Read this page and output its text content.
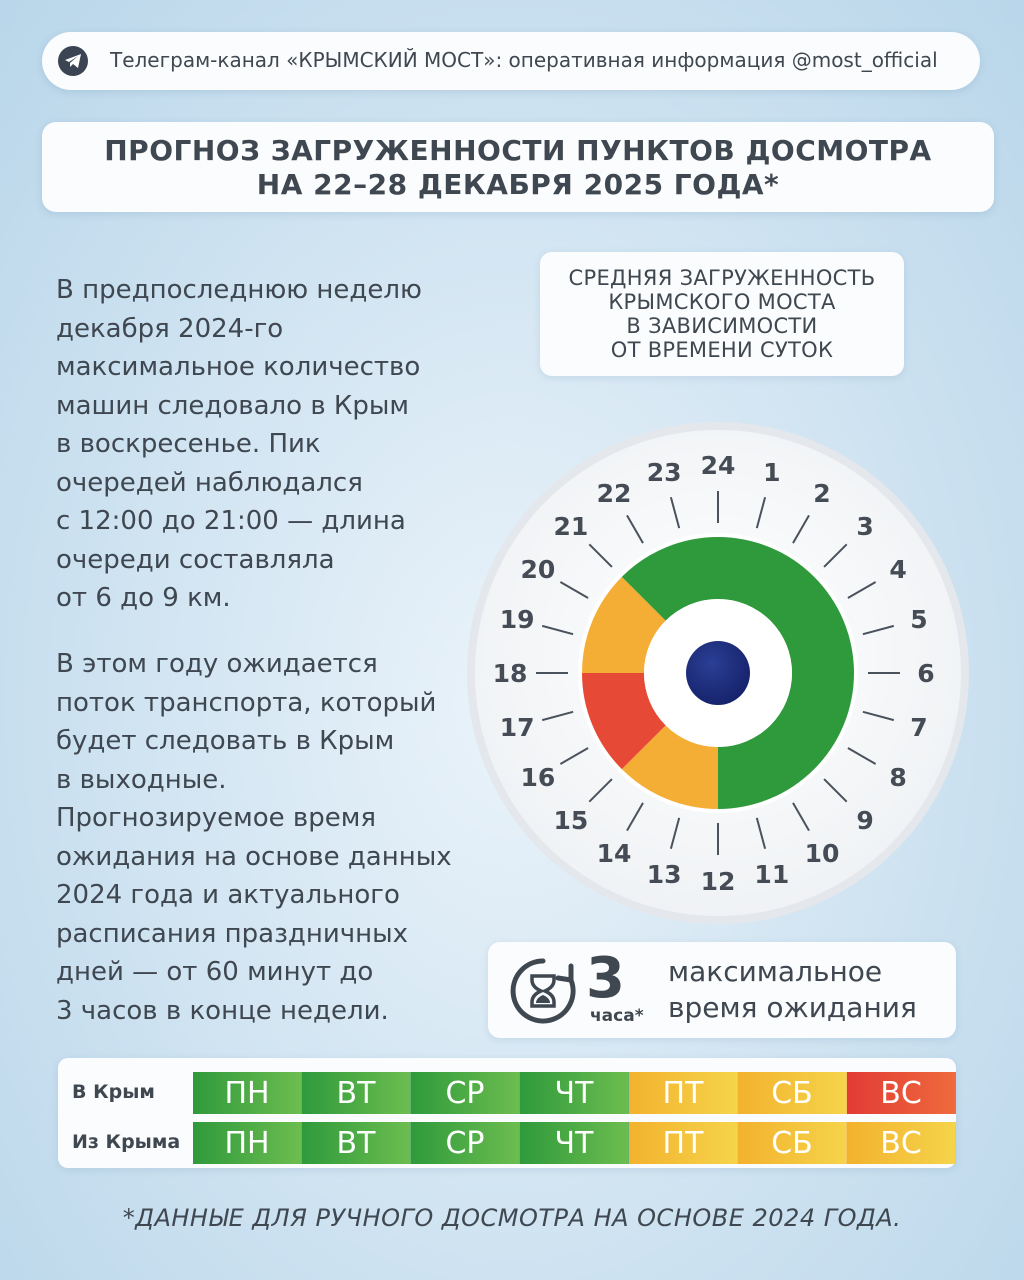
Телеграм-канал «КРЫМСКИЙ МОСТ»: оперативная информация @most_official
ПРОГНОЗ ЗАГРУЖЕННОСТИ ПУНКТОВ ДОСМОТРА
НА 22–28 ДЕКАБРЯ 2025 ГОДА*
В предпоследнюю неделю
декабря 2024-го
максимальное количество
машин следовало в Крым
в воскресенье. Пик
очередей наблюдался
с 12:00 до 21:00 — длина
очереди составляла
от 6 до 9 км.
В этом году ожидается
поток транспорта, который
будет следовать в Крым
в выходные.
Прогнозируемое время
ожидания на основе данных
2024 года и актуального
расписания праздничных
дней — от 60 минут до
3 часов в конце недели.
СРЕДНЯЯ ЗАГРУЖЕННОСТЬ
КРЫМСКОГО МОСТА
В ЗАВИСИМОСТИ
ОТ ВРЕМЕНИ СУТОК
24 1
2
3
4
5
6
7
8
9
10
11
12
13
14
15
16
17
18
19
20
21
22
23
3
часа*
максимальное
время ожидания
В Крым	ПН	ВТ	СР	ЧТ	ПТ	СБ	ВС
Из Крыма	ПН	ВТ	СР	ЧТ	ПТ	СБ	ВС
*ДАННЫЕ ДЛЯ РУЧНОГО ДОСМОТРА НА ОСНОВЕ 2024 ГОДА.
